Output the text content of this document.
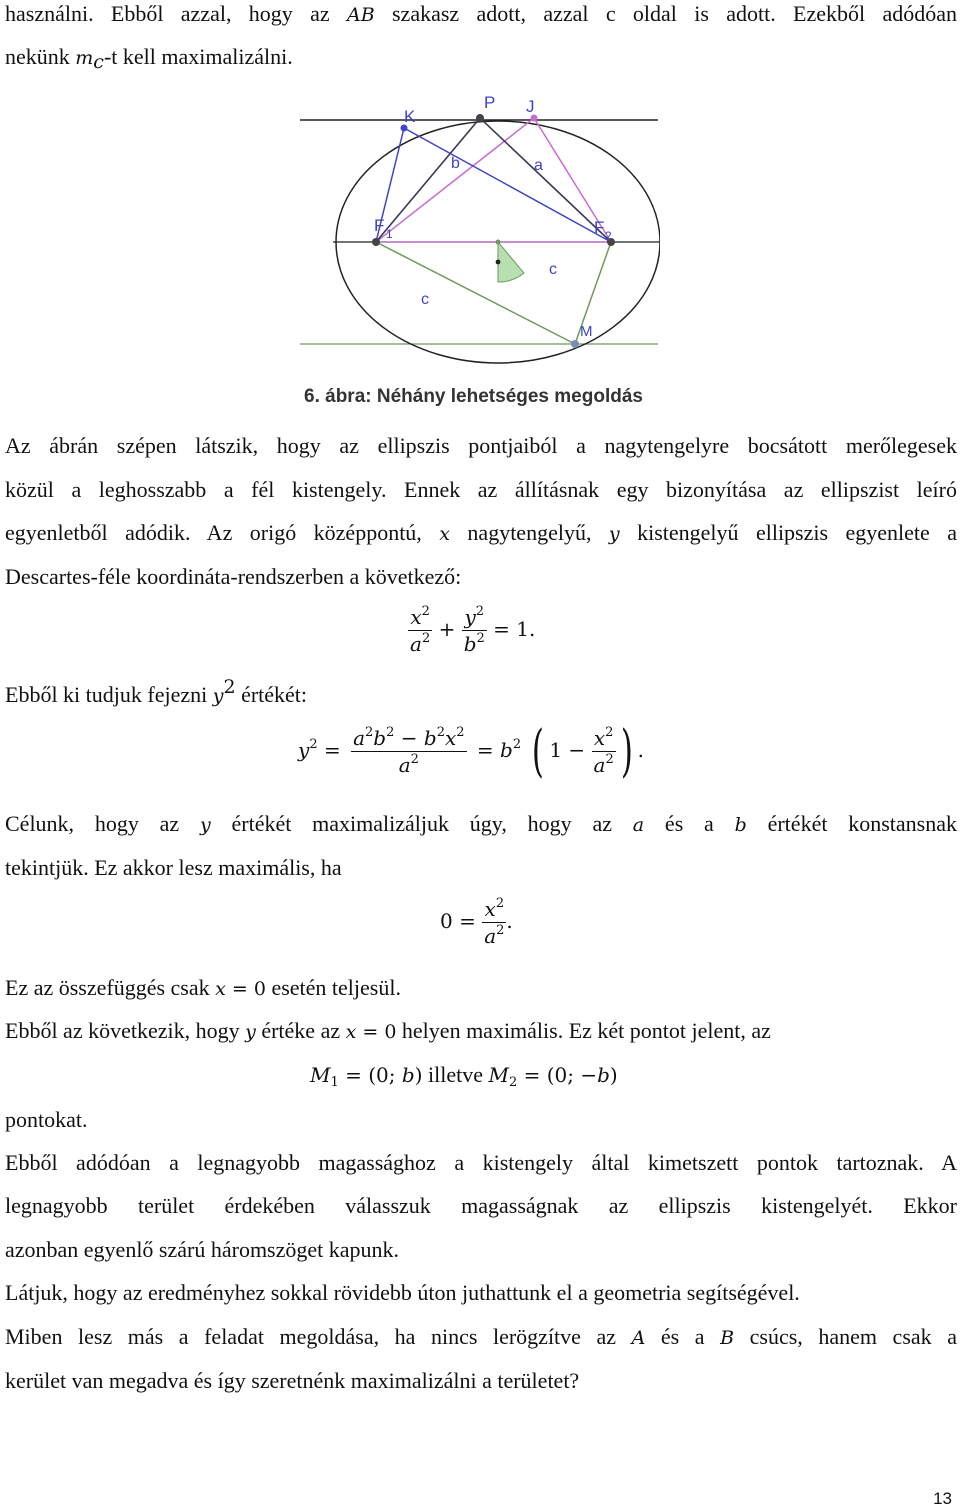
használni. Ebből azzal, hogy az AB szakasz adott, azzal c oldal is adott. Ezekből adódóan
nekünk $m_c-t$ kell maximalizálni.
P J
K
F 1	F 2
M
a
b
c
c
6. ábra: Néhány lehetséges megoldás
Az ábrán szépen látszik, hogy az ellipszis pontjaiból a nagytengelyre bocsátott merőlegesek
közül a leghosszabb a fél kistengely. Ennek az állításnak egy bizonyítása az ellipszist leíró
egyenletből adódik. Az origó középpontú, x nagytengelyű, y kistengelyű ellipszis egyenlete a
Descartes-féle koordináta-rendszerben a következő:
$\frac{x^2}{a^2} + \frac{y^2}{b^2} = 1$.
Ebből ki tudjuk fejezni $y^2$ értékét:
$y^2 = \frac{a^2b^2 - b^2x^2}{a^2} = b^2$ ( $1 - \frac{x^2}{a^2}$ ) .
Célunk, hogy az y értékét maximalizáljuk úgy, hogy az a és a b értékét konstansnak
tekintjük. Ez akkor lesz maximális, ha
$0 = \frac{x^2}{a^2}$ .
Ez az összefüggés csak x = 0 esetén teljesül.
Ebből az következik, hogy y értéke az x = 0 helyen maximális. Ez két pontot jelent, az
$M_1 = (0$; b) illetve $M_2 = (0$; −b)
pontokat.
Ebből adódóan a legnagyobb magassághoz a kistengely által kimetszett pontok tartoznak. A
legnagyobb terület érdekében válasszuk magasságnak az ellipszis kistengelyét. Ekkor
azonban egyenlő szárú háromszöget kapunk.
Látjuk, hogy az eredményhez sokkal rövidebb úton juthattunk el a geometria segítségével.
Miben lesz más a feladat megoldása, ha nincs lerögzítve az A és a B csúcs, hanem csak a
kerület van megadva és így szeretnénk maximalizálni a területet?
13
